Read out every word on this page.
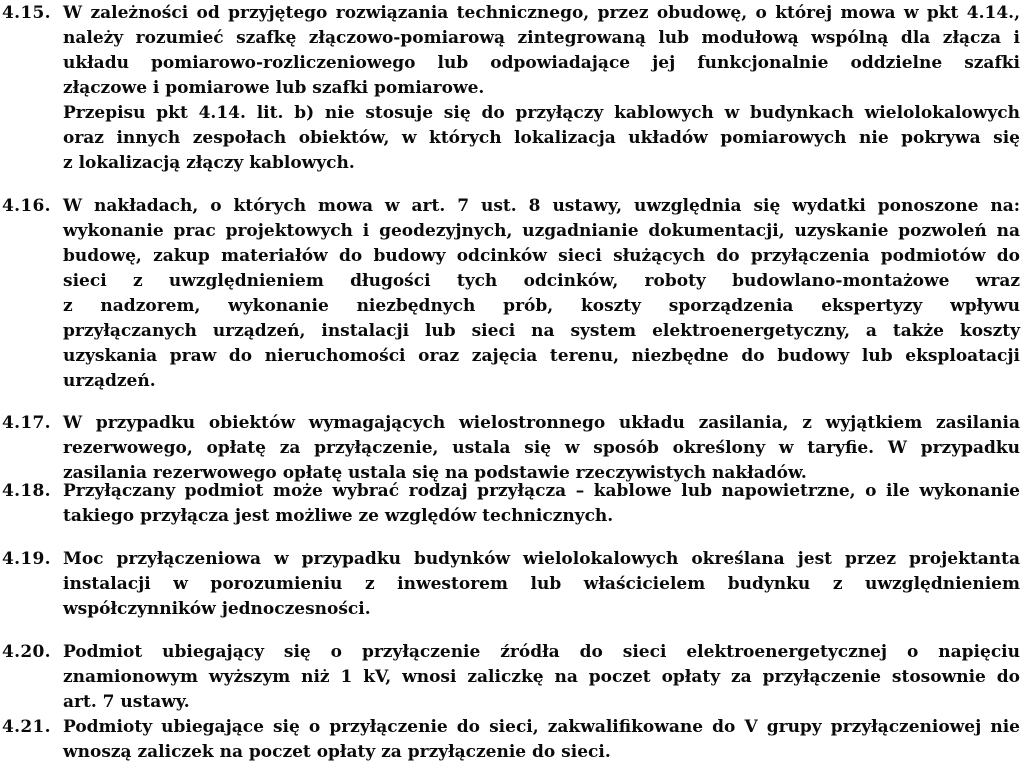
4.15. W zależności od przyjętego rozwiązania technicznego, przez obudowę, o której mowa w pkt 4.14.,
należy rozumieć szafkę złączowo-pomiarową zintegrowaną lub modułową wspólną dla złącza i
układu pomiarowo-rozliczeniowego lub odpowiadające jej funkcjonalnie oddzielne szafki
złączowe i pomiarowe lub szafki pomiarowe.
Przepisu pkt 4.14. lit. b) nie stosuje się do przyłączy kablowych w budynkach wielolokalowych
oraz innych zespołach obiektów, w których lokalizacja układów pomiarowych nie pokrywa się
z lokalizacją złączy kablowych.
4.16. W nakładach, o których mowa w art. 7 ust. 8 ustawy, uwzględnia się wydatki ponoszone na:
wykonanie prac projektowych i geodezyjnych, uzgadnianie dokumentacji, uzyskanie pozwoleń na
budowę, zakup materiałów do budowy odcinków sieci służących do przyłączenia podmiotów do
sieci z uwzględnieniem długości tych odcinków, roboty budowlano-montażowe wraz
z nadzorem, wykonanie niezbędnych prób, koszty sporządzenia ekspertyzy wpływu
przyłączanych urządzeń, instalacji lub sieci na system elektroenergetyczny, a także koszty
uzyskania praw do nieruchomości oraz zajęcia terenu, niezbędne do budowy lub eksploatacji
urządzeń.
4.17. W przypadku obiektów wymagających wielostronnego układu zasilania, z wyjątkiem zasilania
rezerwowego, opłatę za przyłączenie, ustala się w sposób określony w taryfie. W przypadku
zasilania rezerwowego opłatę ustala się na podstawie rzeczywistych nakładów.
4.18. Przyłączany podmiot może wybrać rodzaj przyłącza – kablowe lub napowietrzne, o ile wykonanie
takiego przyłącza jest możliwe ze względów technicznych.
4.19. Moc przyłączeniowa w przypadku budynków wielolokalowych określana jest przez projektanta
instalacji w porozumieniu z inwestorem lub właścicielem budynku z uwzględnieniem
współczynników jednoczesności.
4.20. Podmiot ubiegający się o przyłączenie źródła do sieci elektroenergetycznej o napięciu
znamionowym wyższym niż 1 kV, wnosi zaliczkę na poczet opłaty za przyłączenie stosownie do
art. 7 ustawy.
4.21. Podmioty ubiegające się o przyłączenie do sieci, zakwalifikowane do V grupy przyłączeniowej nie
wnoszą zaliczek na poczet opłaty za przyłączenie do sieci.
